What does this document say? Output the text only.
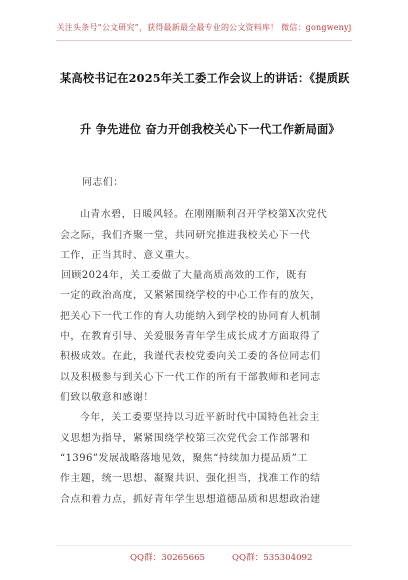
关注头条号“公文研究”，获得最新最全最专业的公文资料库！ 微信：gongwenyj
某高校书记在2025年关工委工作会议上的讲话：《提质跃
升 争先进位 奋力开创我校关心下一代工作新局面》
同志们：
山青水碧，日暖风轻。在刚刚顺利召开学校第X次党代
会之际，我们齐聚一堂，共同研究推进我校关心下一代
工作，正当其时、意义重大。
回顾2024年，关工委做了大量高质高效的工作，既有
一定的政治高度，又紧紧围绕学校的中心工作有的放矢，
把关心下一代工作的育人功能纳入到学校的协同育人机制
中，在教育引导、关爱服务青年学生成长成才方面取得了
积极成效。在此，我谨代表校党委向关工委的各位同志们
以及积极参与到关心下一代工作的所有干部教师和老同志
们致以敬意和感谢！
今年，关工委要坚持以习近平新时代中国特色社会主
义思想为指导，紧紧围绕学校第三次党代会工作部署和
“1396”发展战略落地见效，聚焦“持续加力提品质”工
作主题，统一思想、凝聚共识、强化担当，找准工作的结
合点和着力点，抓好青年学生思想道德品质和思想政治建
QQ群：30265665	QQ群：535304092
